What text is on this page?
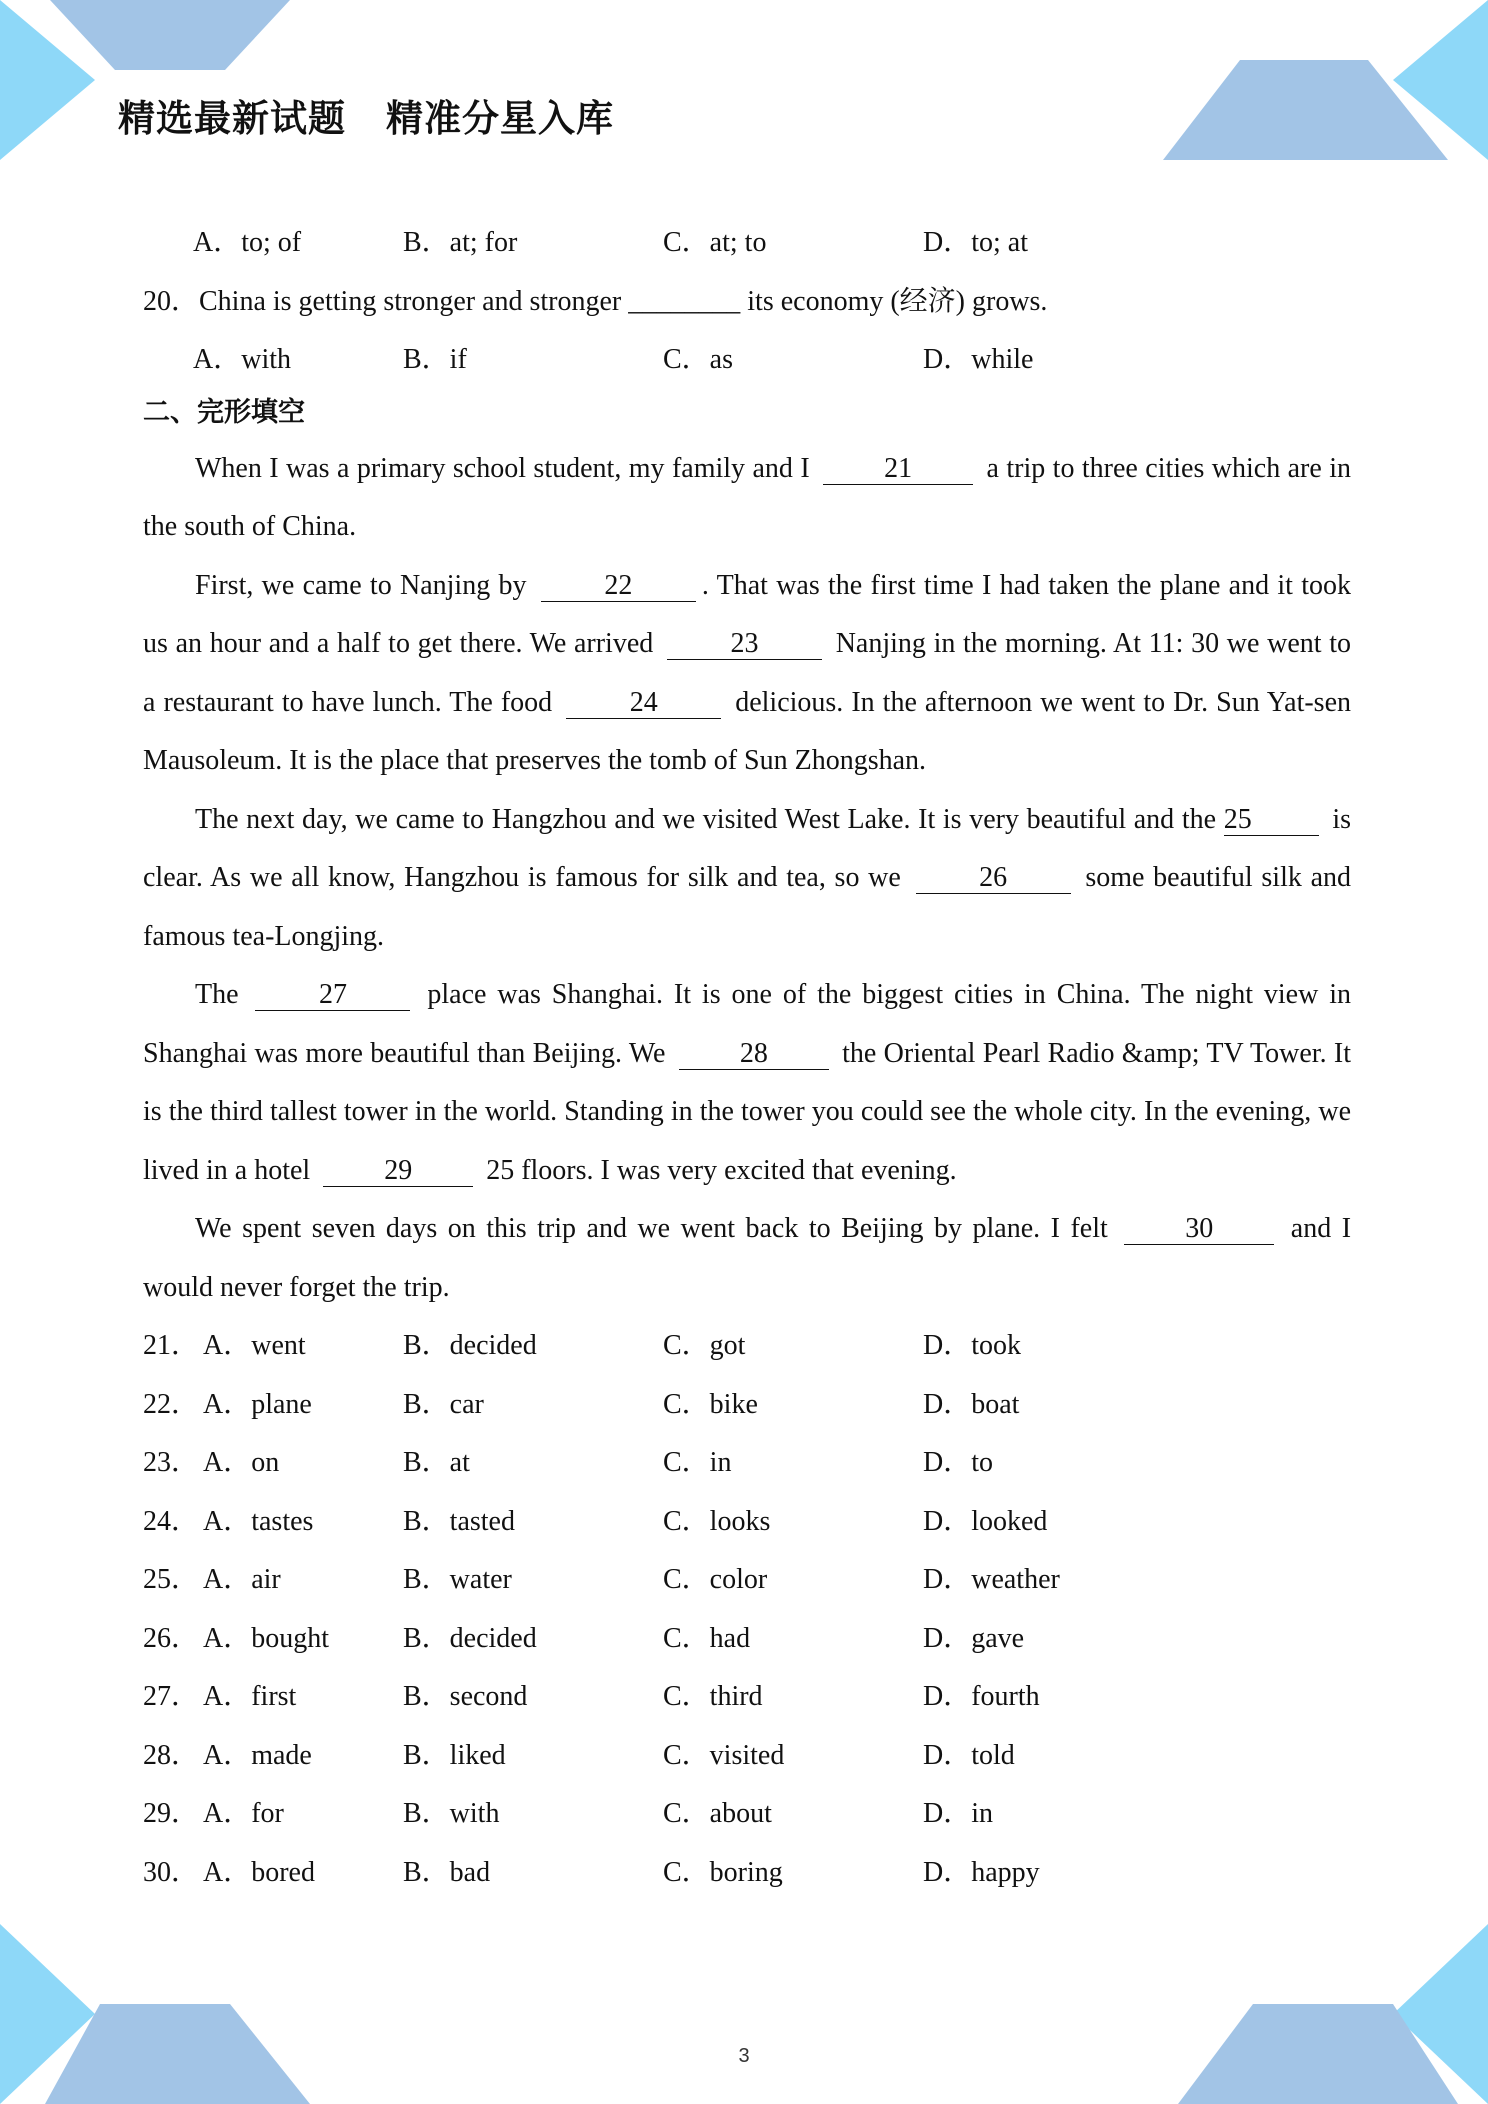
精选最新试题 精准分星入库
A．to; of	B．at; for	C．at; to	D．to; at
20．China is getting stronger and stronger ________ its economy (经济) grows.
A．with	B．if	C．as	D．while
二、完形填空

When I was a primary school student, my family and I	21	a trip to three cities which are in the south of China.

First, we came to Nanjing by	22 . That was the first time I had taken the plane and it took us an hour and a half to get there. We arrived	23	Nanjing in the morning. At 11: 30 we went to a restaurant to have lunch. The food	24	delicious. In the afternoon we went to Dr. Sun Yat-sen Mausoleum. It is the place that preserves the tomb of Sun Zhongshan.

The next day, we came to Hangzhou and we visited West Lake. It is very beautiful and the 25	is clear. As we all know, Hangzhou is famous for silk and tea, so we	26	some beautiful silk and famous tea-Longjing.

The	27	place was Shanghai. It is one of the biggest cities in China. The night view in Shanghai was more beautiful than Beijing. We	28	the Oriental Pearl Radio &amp; TV Tower. It is the third tallest tower in the world. Standing in the tower you could see the whole city. In the evening, we lived in a hotel	29	25 floors. I was very excited that evening.

We spent seven days on this trip and we went back to Beijing by plane. I felt	30	and I would never forget the trip.

21． A．went	B．decided	C．got	D．took
22． A．plane	B．car	C．bike	D．boat
23． A．on	B．at	C．in	D．to
24． A．tastes	B．tasted	C．looks	D．looked
25． A．air	B．water	C．color	D．weather
26． A．bought	B．decided	C．had	D．gave
27． A．first	B．second	C．third	D．fourth
28． A．made	B．liked	C．visited	D．told
29． A．for	B．with	C．about	D．in
30． A．bored	B．bad	C．boring	D．happy
3
